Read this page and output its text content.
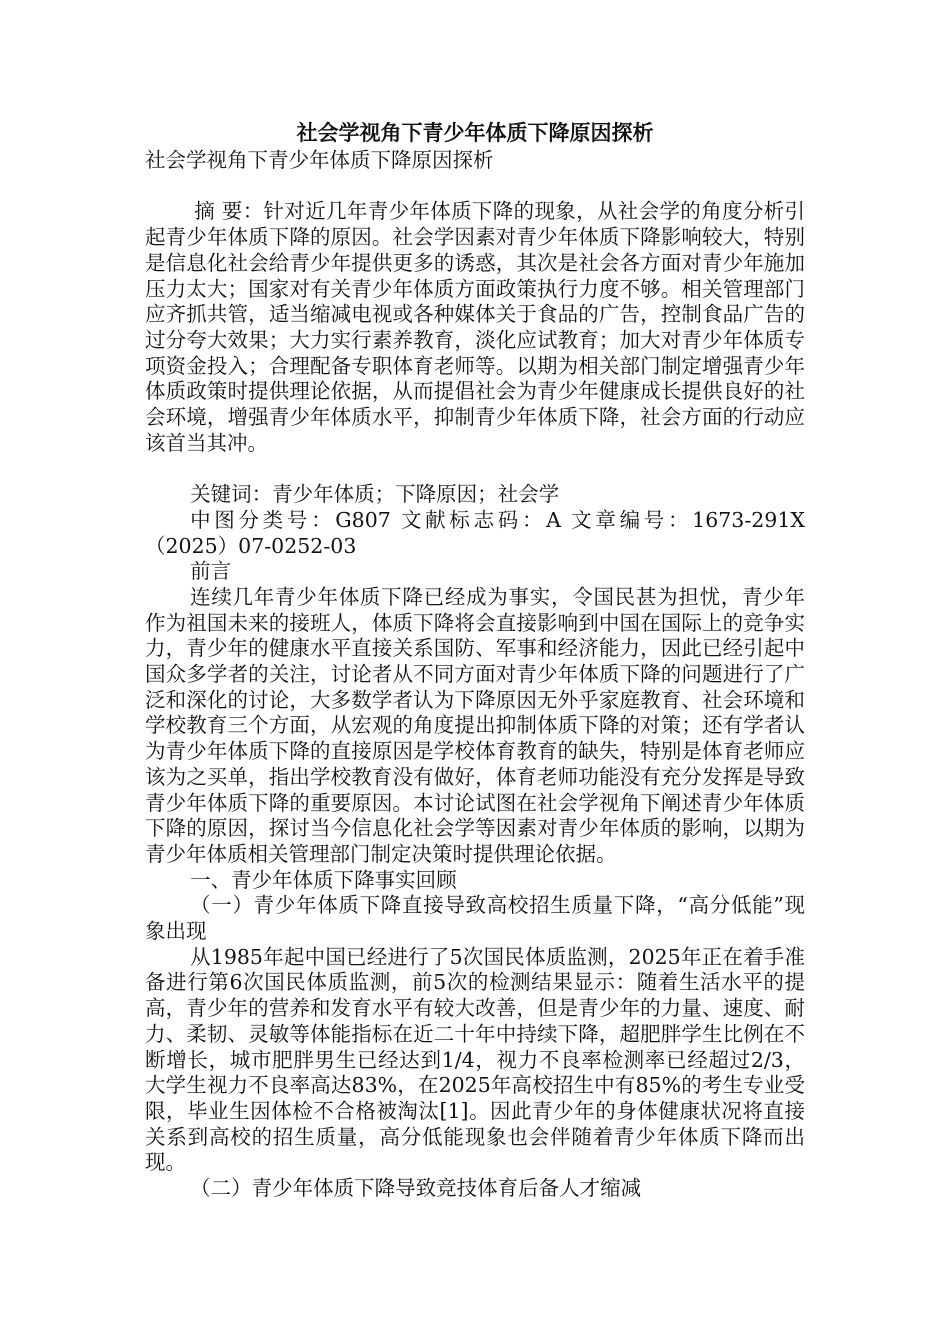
社会学视角下青少年体质下降原因探析

社会学视角下青少年体质下降原因探析

摘 要：针对近几年青少年体质下降的现象，从社会学的角度分析引起青少年体质下降的原因。社会学因素对青少年体质下降影响较大，特别是信息化社会给青少年提供更多的诱惑，其次是社会各方面对青少年施加压力太大；国家对有关青少年体质方面政策执行力度不够。相关管理部门应齐抓共管，适当缩减电视或各种媒体关于食品的广告，控制食品广告的过分夸大效果；大力实行素养教育，淡化应试教育；加大对青少年体质专项资金投入；合理配备专职体育老师等。以期为相关部门制定增强青少年体质政策时提供理论依据，从而提倡社会为青少年健康成长提供良好的社会环境，增强青少年体质水平，抑制青少年体质下降，社会方面的行动应该首当其冲。

关键词：青少年体质；下降原因；社会学

中图分类号：G807 文献标志码：A 文章编号：1673-291X（2025）07-0252-03

前言

连续几年青少年体质下降已经成为事实，令国民甚为担忧，青少年作为祖国未来的接班人，体质下降将会直接影响到中国在国际上的竞争实力，青少年的健康水平直接关系国防、军事和经济能力，因此已经引起中国众多学者的关注，讨论者从不同方面对青少年体质下降的问题进行了广泛和深化的讨论，大多数学者认为下降原因无外乎家庭教育、社会环境和学校教育三个方面，从宏观的角度提出抑制体质下降的对策；还有学者认为青少年体质下降的直接原因是学校体育教育的缺失，特别是体育老师应该为之买单，指出学校教育没有做好，体育老师功能没有充分发挥是导致青少年体质下降的重要原因。本讨论试图在社会学视角下阐述青少年体质下降的原因，探讨当今信息化社会学等因素对青少年体质的影响，以期为青少年体质相关管理部门制定决策时提供理论依据。

一、青少年体质下降事实回顾

（一）青少年体质下降直接导致高校招生质量下降，“高分低能”现象出现

从1985年起中国已经进行了5次国民体质监测，2025年正在着手准备进行第6次国民体质监测，前5次的检测结果显示：随着生活水平的提高，青少年的营养和发育水平有较大改善，但是青少年的力量、速度、耐力、柔韧、灵敏等体能指标在近二十年中持续下降，超肥胖学生比例在不断增长，城市肥胖男生已经达到1/4，视力不良率检测率已经超过2/3，大学生视力不良率高达83%，在2025年高校招生中有85%的考生专业受限，毕业生因体检不合格被淘汰[1]。因此青少年的身体健康状况将直接关系到高校的招生质量，高分低能现象也会伴随着青少年体质下降而出现。

（二）青少年体质下降导致竞技体育后备人才缩减
